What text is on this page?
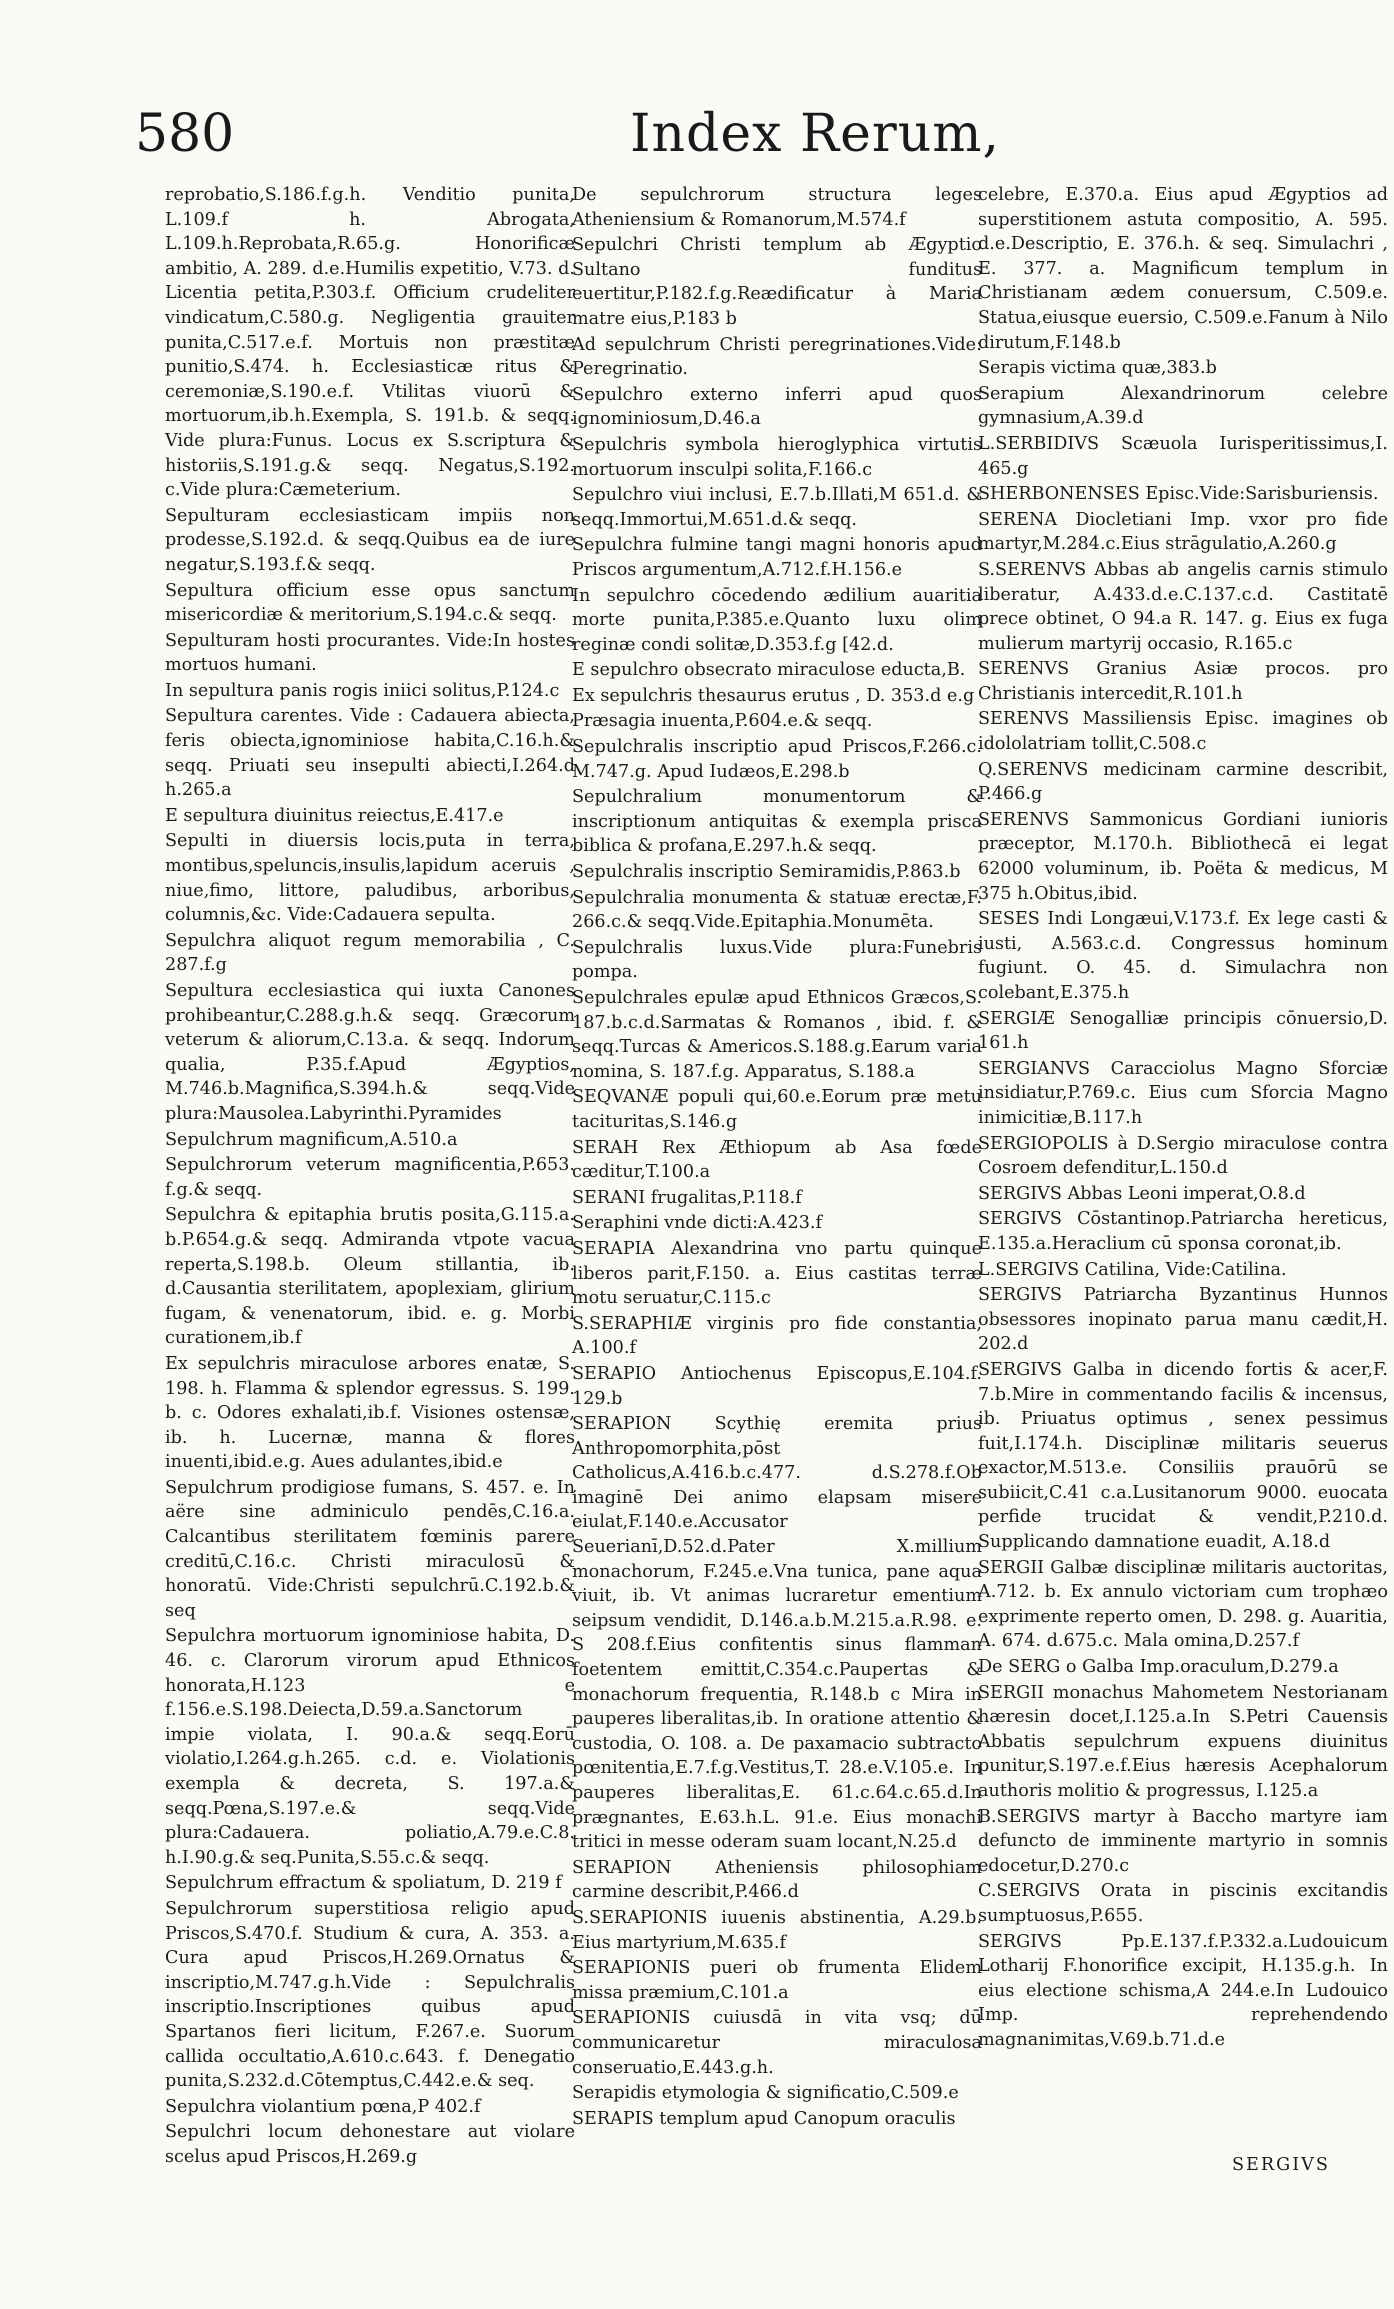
580	Index Rerum,

reprobatio,S.186.f.g.h. Venditio punita, L.109.f h. Abrogata, L.109.h.Reprobata,R.65.g. Honorificæ ambitio, A. 289. d.e.Humilis expetitio, V.73. d. Licentia petita,P.303.f. Officium crudeliter vindicatum,C.580.g. Negligentia grauiter punita,C.517.e.f. Mortuis non præstitæ punitio,S.474. h. Ecclesiasticæ ritus & ceremoniæ,S.190.e.f. Vtilitas viuorū & mortuorum,ib.h.Exempla, S. 191.b. & seqq. Vide plura:Funus. Locus ex S.scriptura & historiis,S.191.g.& seqq. Negatus,S.192. c.Vide plura:Cæmeterium.

Sepulturam ecclesiasticam impiis non prodesse,S.192.d. & seqq.Quibus ea de iure negatur,S.193.f.& seqq.

Sepultura officium esse opus sanctum misericordiæ & meritorium,S.194.c.& seqq.

Sepulturam hosti procurantes. Vide:In hostes mortuos humani.

In sepultura panis rogis iniici solitus,P.124.c

Sepultura carentes. Vide : Cadauera abiecta, feris obiecta,ignominiose habita,C.16.h.& seqq. Priuati seu insepulti abiecti,I.264.d h.265.a

E sepultura diuinitus reiectus,E.417.e

Sepulti in diuersis locis,puta in terra, montibus,speluncis,insulis,lapidum aceruis , niue,fimo, littore, paludibus, arboribus, columnis,&c. Vide:Cadauera sepulta.

Sepulchra aliquot regum memorabilia , C. 287.f.g

Sepultura ecclesiastica qui iuxta Canones prohibeantur,C.288.g.h.& seqq. Græcorum veterum & aliorum,C.13.a. & seqq. Indorum qualia, P.35.f.Apud Ægyptios, M.746.b.Magnifica,S.394.h.& seqq.Vide plura:Mausolea.Labyrinthi.Pyramides

Sepulchrum magnificum,A.510.a

Sepulchrorum veterum magnificentia,P.653. f.g.& seqq.

Sepulchra & epitaphia brutis posita,G.115.a. b.P.654.g.& seqq. Admiranda vtpote vacua reperta,S.198.b. Oleum stillantia, ib. d.Causantia sterilitatem, apoplexiam, glirium fugam, & venenatorum, ibid. e. g. Morbi curationem,ib.f

Ex sepulchris miraculose arbores enatæ, S. 198. h. Flamma & splendor egressus. S. 199. b. c. Odores exhalati,ib.f. Visiones ostensæ, ib. h. Lucernæ, manna & flores inuenti,ibid.e.g. Aues adulantes,ibid.e

Sepulchrum prodigiose fumans, S. 457. e. In aëre sine adminiculo pendēs,C.16.a. Calcantibus sterilitatem fœminis parere creditū,C.16.c. Christi miraculosū & honoratū. Vide:Christi sepulchrū.C.192.b.& seq

Sepulchra mortuorum ignominiose habita, D. 46. c. Clarorum virorum apud Ethnicos honorata,H.123 e f.156.e.S.198.Deiecta,D.59.a.Sanctorum impie violata, I. 90.a.& seqq.Eorū violatio,I.264.g.h.265. c.d. e. Violationis exempla & decreta, S. 197.a.& seqq.Pœna,S.197.e.& seqq.Vide plura:Cadauera. poliatio,A.79.e.C.8. h.I.90.g.& seq.Punita,S.55.c.& seqq.

Sepulchrum effractum & spoliatum, D. 219 f

Sepulchrorum superstitiosa religio apud Priscos,S.470.f. Studium & cura, A. 353. a. Cura apud Priscos,H.269.Ornatus & inscriptio,M.747.g.h.Vide : Sepulchralis inscriptio.Inscriptiones quibus apud Spartanos fieri licitum, F.267.e. Suorum callida occultatio,A.610.c.643. f. Denegatio punita,S.232.d.Cōtemptus,C.442.e.& seq.

Sepulchra violantium pœna,P 402.f

Sepulchri locum dehonestare aut violare scelus apud Priscos,H.269.g

De sepulchrorum structura leges Atheniensium & Romanorum,M.574.f

Sepulchri Christi templum ab Ægyptio Sultano funditus euertitur,P.182.f.g.Reædificatur à Maria matre eius,P.183 b

Ad sepulchrum Christi peregrinationes.Vide: Peregrinatio.

Sepulchro externo inferri apud quos ignominiosum,D.46.a

Sepulchris symbola hieroglyphica virtutis mortuorum insculpi solita,F.166.c

Sepulchro viui inclusi, E.7.b.Illati,M 651.d. & seqq.Immortui,M.651.d.& seqq.

Sepulchra fulmine tangi magni honoris apud Priscos argumentum,A.712.f.H.156.e

In sepulchro cōcedendo ædilium auaritia morte punita,P.385.e.Quanto luxu olim reginæ condi solitæ,D.353.f.g [42.d.

E sepulchro obsecrato miraculose educta,B.

Ex sepulchris thesaurus erutus , D. 353.d e.g

Præsagia inuenta,P.604.e.& seqq.

Sepulchralis inscriptio apud Priscos,F.266.c. M.747.g. Apud Iudæos,E.298.b

Sepulchralium monumentorum & inscriptionum antiquitas & exempla prisca biblica & profana,E.297.h.& seqq.

Sepulchralis inscriptio Semiramidis,P.863.b

Sepulchralia monumenta & statuæ erectæ,F. 266.c.& seqq.Vide.Epitaphia.Monumēta.

Sepulchralis luxus.Vide plura:Funebris pompa.

Sepulchrales epulæ apud Ethnicos Græcos,S. 187.b.c.d.Sarmatas & Romanos , ibid. f. & seqq.Turcas & Americos.S.188.g.Earum varia nomina, S. 187.f.g. Apparatus, S.188.a

SEQVANÆ populi qui,60.e.Eorum præ metu tacituritas,S.146.g

SERAH Rex Æthiopum ab Asa fœde cæditur,T.100.a

SERANI frugalitas,P.118.f

Seraphini vnde dicti:A.423.f

SERAPIA Alexandrina vno partu quinque liberos parit,F.150. a. Eius castitas terræ motu seruatur,C.115.c

S.SERAPHIÆ virginis pro fide constantia, A.100.f

SERAPIO Antiochenus Episcopus,E.104.f. 129.b

SERAPION Scythię eremita prius Anthropomorphita,pōst Catholicus,A.416.b.c.477. d.S.278.f.Ob imaginē Dei animo elapsam misere eiulat,F.140.e.Accusator Seuerianī,D.52.d.Pater X.millium monachorum, F.245.e.Vna tunica, pane aqua viuit, ib. Vt animas lucraretur ementium seipsum vendidit, D.146.a.b.M.215.a.R.98. e. S 208.f.Eius confitentis sinus flamman foetentem emittit,C.354.c.Paupertas & monachorum frequentia, R.148.b c Mira in pauperes liberalitas,ib. In oratione attentio & custodia, O. 108. a. De paxamacio subtracto pœnitentia,E.7.f.g.Vestitus,T. 28.e.V.105.e. In pauperes liberalitas,E. 61.c.64.c.65.d.In prægnantes, E.63.h.L. 91.e. Eius monachi tritici in messe oderam suam locant,N.25.d

SERAPION Atheniensis philosophiam carmine describit,P.466.d

S.SERAPIONIS iuuenis abstinentia, A.29.b. Eius martyrium,M.635.f

SERAPIONIS pueri ob frumenta Elidem missa præmium,C.101.a

SERAPIONIS cuiusdā in vita vsq; dū communicaretur miraculosa conseruatio,E.443.g.h.

Serapidis etymologia & significatio,C.509.e

SERAPIS templum apud Canopum oraculis

celebre, E.370.a. Eius apud Ægyptios ad superstitionem astuta compositio, A. 595. d.e.Descriptio, E. 376.h. & seq. Simulachri , E. 377. a. Magnificum templum in Christianam ædem conuersum, C.509.e. Statua,eiusque euersio, C.509.e.Fanum à Nilo dirutum,F.148.b

Serapis victima quæ,383.b

Serapium Alexandrinorum celebre gymnasium,A.39.d

L.SERBIDIVS Scæuola Iurisperitissimus,I. 465.g

SHERBONENSES Episc.Vide:Sarisburiensis.

SERENA Diocletiani Imp. vxor pro fide martyr,M.284.c.Eius strāgulatio,A.260.g

S.SERENVS Abbas ab angelis carnis stimulo liberatur, A.433.d.e.C.137.c.d. Castitatē prece obtinet, O 94.a R. 147. g. Eius ex fuga mulierum martyrij occasio, R.165.c

SERENVS Granius Asiæ procos. pro Christianis intercedit,R.101.h

SERENVS Massiliensis Episc. imagines ob idololatriam tollit,C.508.c

Q.SERENVS medicinam carmine describit, P.466.g

SERENVS Sammonicus Gordiani iunioris præceptor, M.170.h. Bibliothecā ei legat 62000 voluminum, ib. Poëta & medicus, M 375 h.Obitus,ibid.

SESES Indi Longæui,V.173.f. Ex lege casti & iusti, A.563.c.d. Congressus hominum fugiunt. O. 45. d. Simulachra non colebant,E.375.h

SERGIÆ Senogalliæ principis cōnuersio,D. 161.h

SERGIANVS Caracciolus Magno Sforciæ insidiatur,P.769.c. Eius cum Sforcia Magno inimicitiæ,B.117.h

SERGIOPOLIS à D.Sergio miraculose contra Cosroem defenditur,L.150.d

SERGIVS Abbas Leoni imperat,O.8.d

SERGIVS Cōstantinop.Patriarcha hereticus, E.135.a.Heraclium cū sponsa coronat,ib.

L.SERGIVS Catilina, Vide:Catilina.

SERGIVS Patriarcha Byzantinus Hunnos obsessores inopinato parua manu cædit,H. 202.d

SERGIVS Galba in dicendo fortis & acer,F. 7.b.Mire in commentando facilis & incensus, ib. Priuatus optimus , senex pessimus fuit,I.174.h. Disciplinæ militaris seuerus exactor,M.513.e. Consiliis prauōrū se subiicit,C.41 c.a.Lusitanorum 9000. euocata perfide trucidat & vendit,P.210.d. Supplicando damnatione euadit, A.18.d

SERGII Galbæ disciplinæ militaris auctoritas, A.712. b. Ex annulo victoriam cum trophæo exprimente reperto omen, D. 298. g. Auaritia, A. 674. d.675.c. Mala omina,D.257.f

De SERG o Galba Imp.oraculum,D.279.a

SERGII monachus Mahometem Nestorianam hæresin docet,I.125.a.In S.Petri Cauensis Abbatis sepulchrum expuens diuinitus punitur,S.197.e.f.Eius hæresis Acephalorum authoris molitio & progressus, I.125.a

B.SERGIVS martyr à Baccho martyre iam defuncto de imminente martyrio in somnis edocetur,D.270.c

C.SERGIVS Orata in piscinis excitandis sumptuosus,P.655.

SERGIVS Pp.E.137.f.P.332.a.Ludouicum Lotharij F.honorifice excipit, H.135.g.h. In eius electione schisma,A 244.e.In Ludouico Imp. reprehendendo magnanimitas,V.69.b.71.d.e

SERGIVS
